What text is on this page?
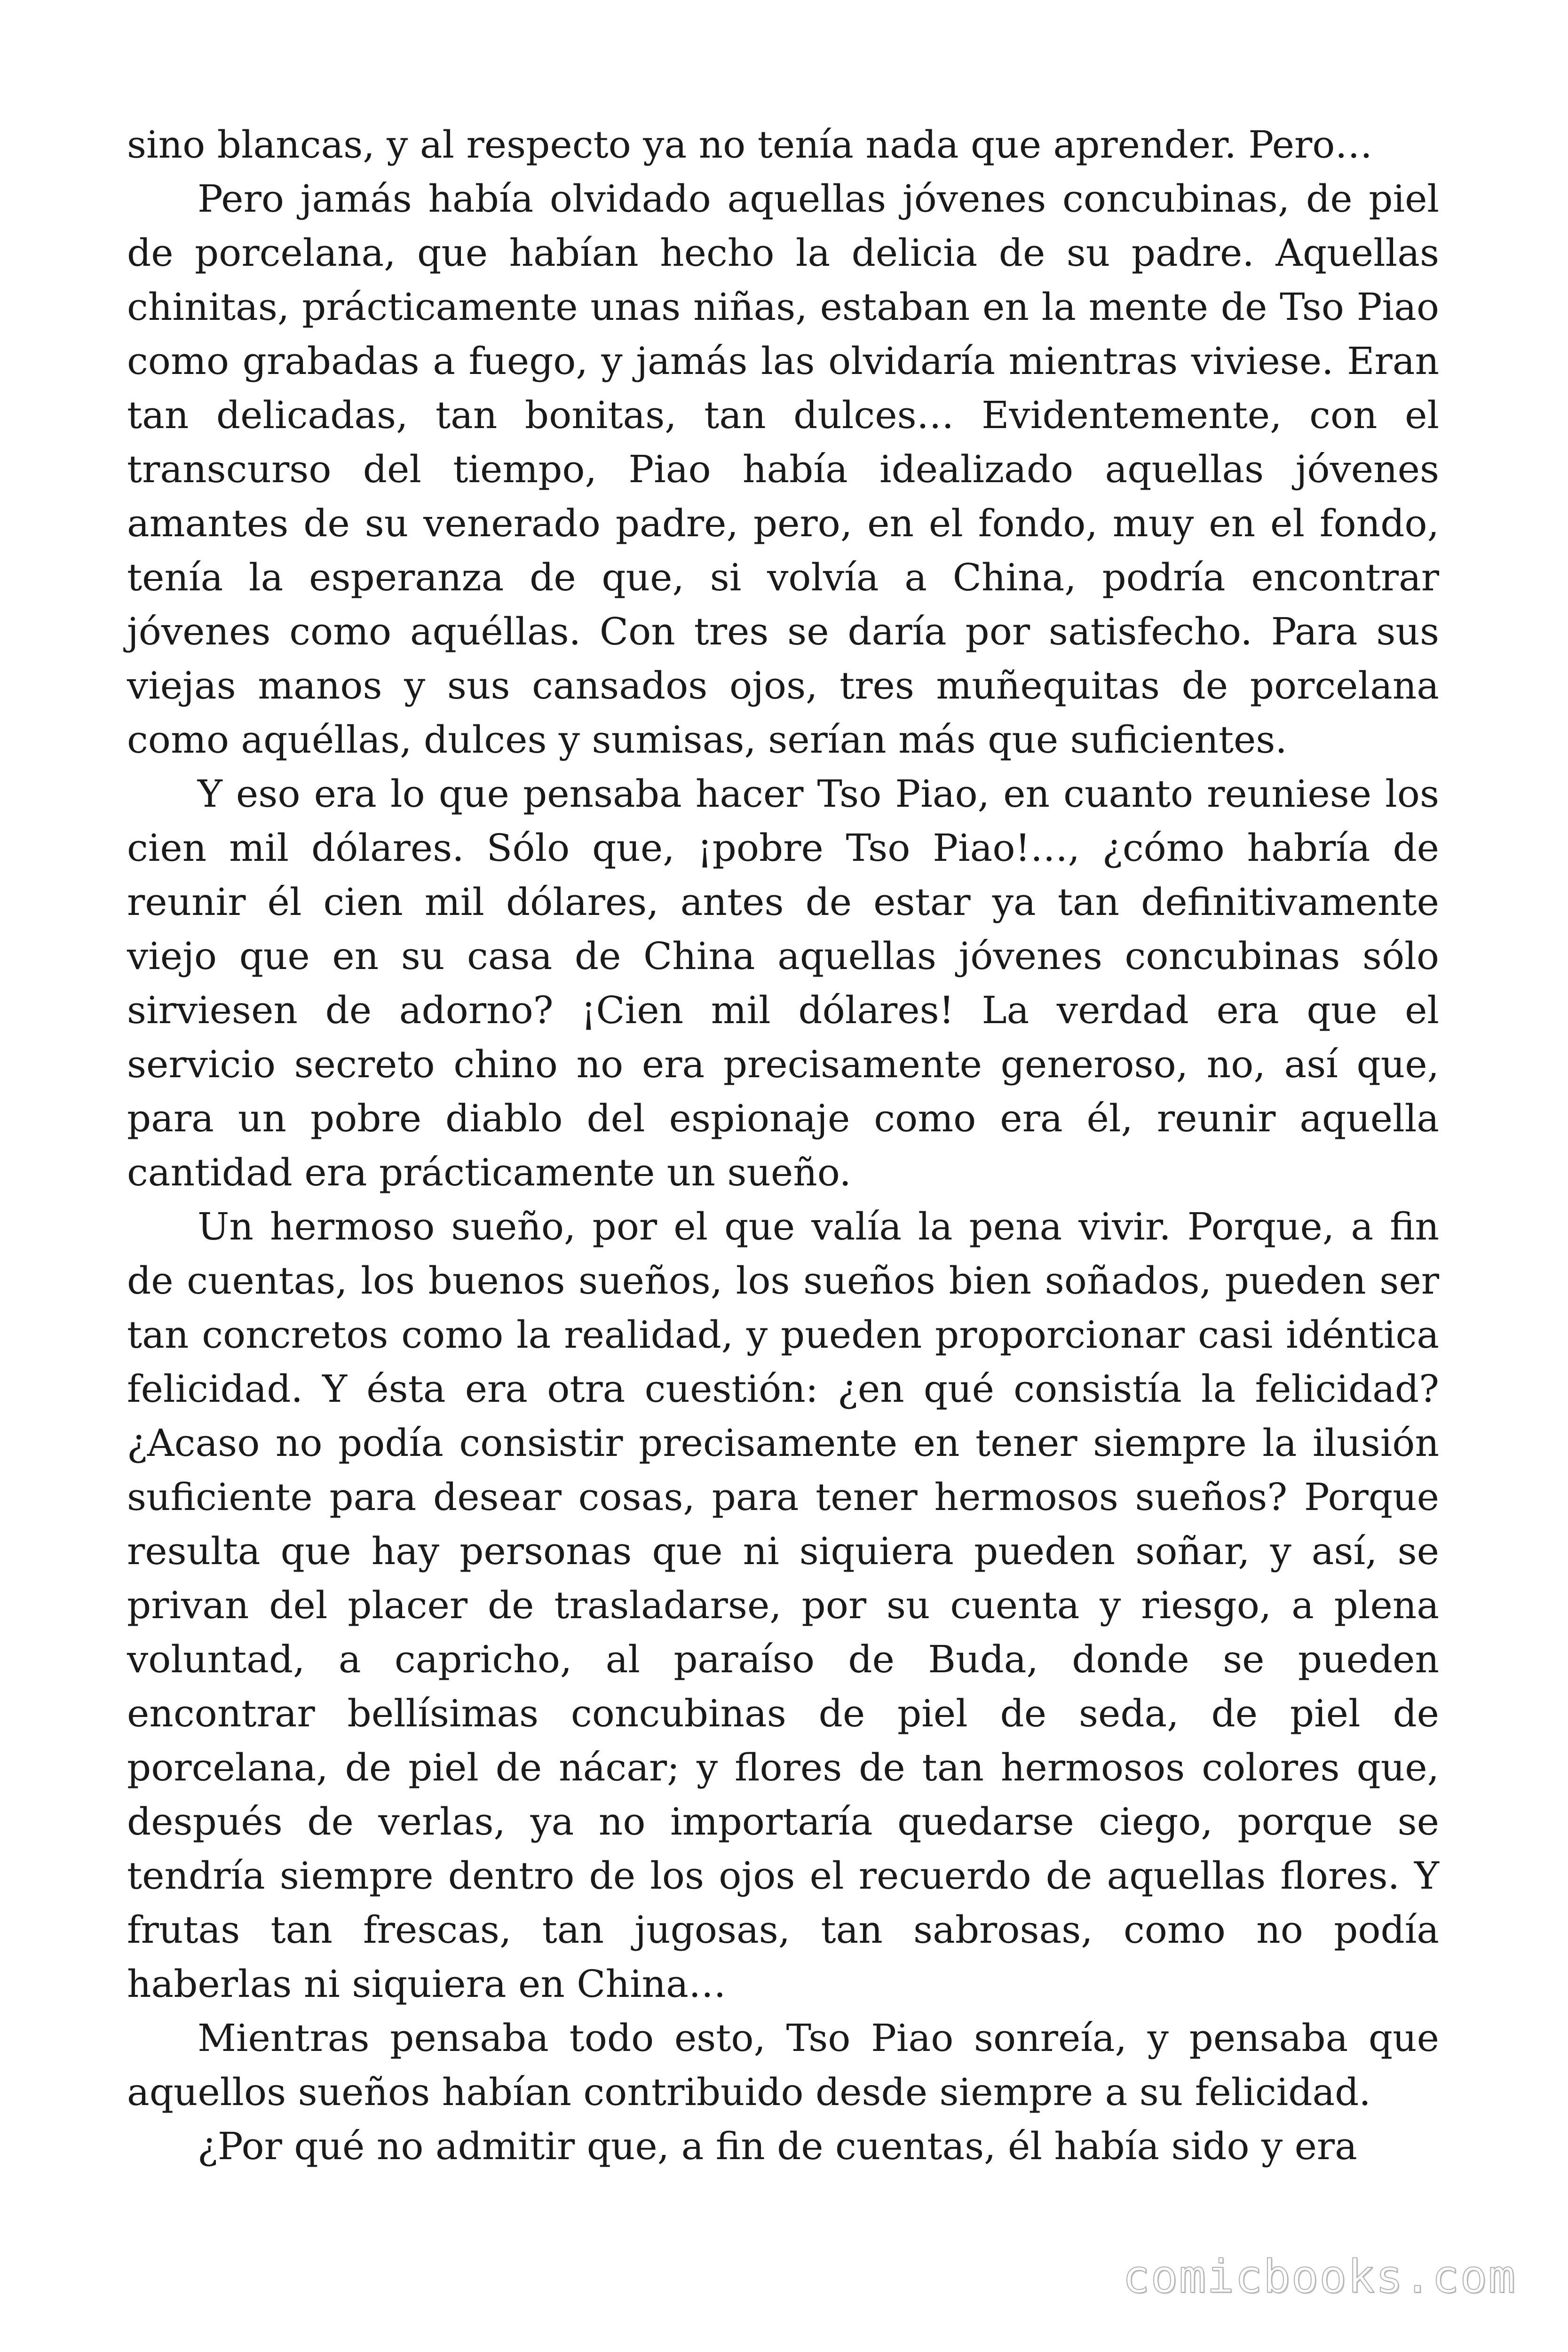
sino blancas, y al respecto ya no tenía nada que aprender. Pero…

Pero jamás había olvidado aquellas jóvenes concubinas, de piel de porcelana, que habían hecho la delicia de su padre. Aquellas chinitas, prácticamente unas niñas, estaban en la mente de Tso Piao como grabadas a fuego, y jamás las olvidaría mientras viviese. Eran tan delicadas, tan bonitas, tan dulces… Evidentemente, con el transcurso del tiempo, Piao había idealizado aquellas jóvenes amantes de su venerado padre, pero, en el fondo, muy en el fondo, tenía la esperanza de que, si volvía a China, podría encontrar jóvenes como aquéllas. Con tres se daría por satisfecho. Para sus viejas manos y sus cansados ojos, tres muñequitas de porcelana como aquéllas, dulces y sumisas, serían más que suficientes.

Y eso era lo que pensaba hacer Tso Piao, en cuanto reuniese los cien mil dólares. Sólo que, ¡pobre Tso Piao!…, ¿cómo habría de reunir él cien mil dólares, antes de estar ya tan definitivamente viejo que en su casa de China aquellas jóvenes concubinas sólo sirviesen de adorno? ¡Cien mil dólares! La verdad era que el servicio secreto chino no era precisamente generoso, no, así que, para un pobre diablo del espionaje como era él, reunir aquella cantidad era prácticamente un sueño.

Un hermoso sueño, por el que valía la pena vivir. Porque, a fin de cuentas, los buenos sueños, los sueños bien soñados, pueden ser tan concretos como la realidad, y pueden proporcionar casi idéntica felicidad. Y ésta era otra cuestión: ¿en qué consistía la felicidad? ¿Acaso no podía consistir precisamente en tener siempre la ilusión suficiente para desear cosas, para tener hermosos sueños? Porque resulta que hay personas que ni siquiera pueden soñar, y así, se privan del placer de trasladarse, por su cuenta y riesgo, a plena voluntad, a capricho, al paraíso de Buda, donde se pueden encontrar bellísimas concubinas de piel de seda, de piel de porcelana, de piel de nácar; y flores de tan hermosos colores que, después de verlas, ya no importaría quedarse ciego, porque se tendría siempre dentro de los ojos el recuerdo de aquellas flores. Y frutas tan frescas, tan jugosas, tan sabrosas, como no podía haberlas ni siquiera en China…

Mientras pensaba todo esto, Tso Piao sonreía, y pensaba que aquellos sueños habían contribuido desde siempre a su felicidad.

¿Por qué no admitir que, a fin de cuentas, él había sido y era

comicbooks.com
